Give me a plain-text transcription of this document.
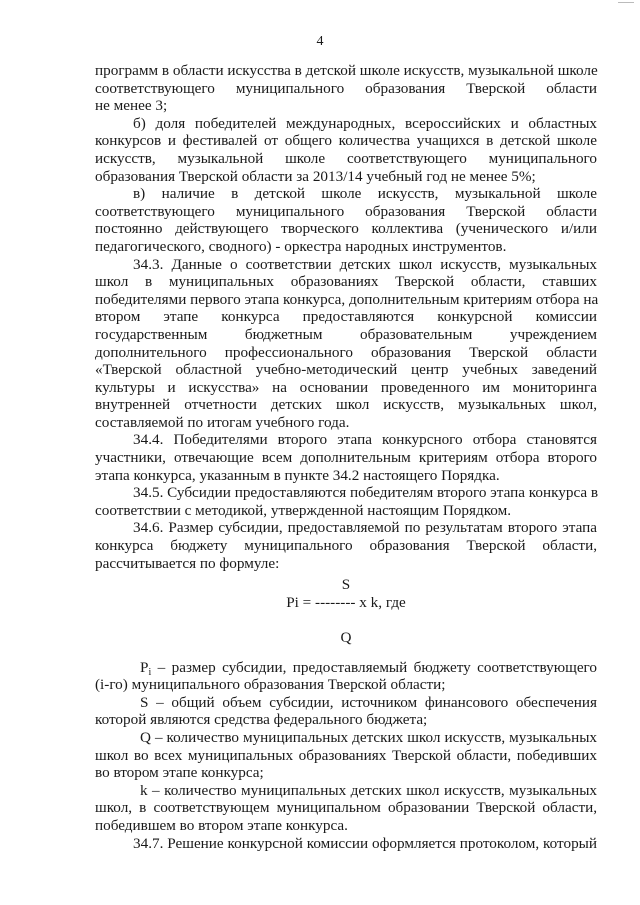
4
программ в области искусства в детской школе искусств, музыкальной школе
соответствующего муниципального образования Тверской области
не менее 3;
б) доля победителей международных, всероссийских и областных
конкурсов и фестивалей от общего количества учащихся в детской школе
искусств, музыкальной школе соответствующего муниципального
образования Тверской области за 2013/14 учебный год не менее 5%;
в) наличие в детской школе искусств, музыкальной школе
соответствующего муниципального образования Тверской области
постоянно действующего творческого коллектива (ученического и/или
педагогического, сводного) - оркестра народных инструментов.
34.3. Данные о соответствии детских школ искусств, музыкальных
школ в муниципальных образованиях Тверской области, ставших
победителями первого этапа конкурса, дополнительным критериям отбора на
втором этапе конкурса предоставляются конкурсной комиссии
государственным бюджетным образовательным учреждением
дополнительного профессионального образования Тверской области
«Тверской областной учебно-методический центр учебных заведений
культуры и искусства» на основании проведенного им мониторинга
внутренней отчетности детских школ искусств, музыкальных школ,
составляемой по итогам учебного года.
34.4. Победителями второго этапа конкурсного отбора становятся
участники, отвечающие всем дополнительным критериям отбора второго
этапа конкурса, указанным в пункте 34.2 настоящего Порядка.
34.5. Субсидии предоставляются победителям второго этапа конкурса в
соответствии с методикой, утвержденной настоящим Порядком.
34.6. Размер субсидии, предоставляемой по результатам второго этапа
конкурса бюджету муниципального образования Тверской области,
рассчитывается по формуле:
S
Pi = -------- x k, где
Q
$P_i$ – размер субсидии, предоставляемый бюджету соответствующего
(i-го) муниципального образования Тверской области;
S – общий объем субсидии, источником финансового обеспечения
которой являются средства федерального бюджета;
Q – количество муниципальных детских школ искусств, музыкальных
школ во всех муниципальных образованиях Тверской области, победивших
во втором этапе конкурса;
k – количество муниципальных детских школ искусств, музыкальных
школ, в соответствующем муниципальном образовании Тверской области,
победившем во втором этапе конкурса.
34.7. Решение конкурсной комиссии оформляется протоколом, который
